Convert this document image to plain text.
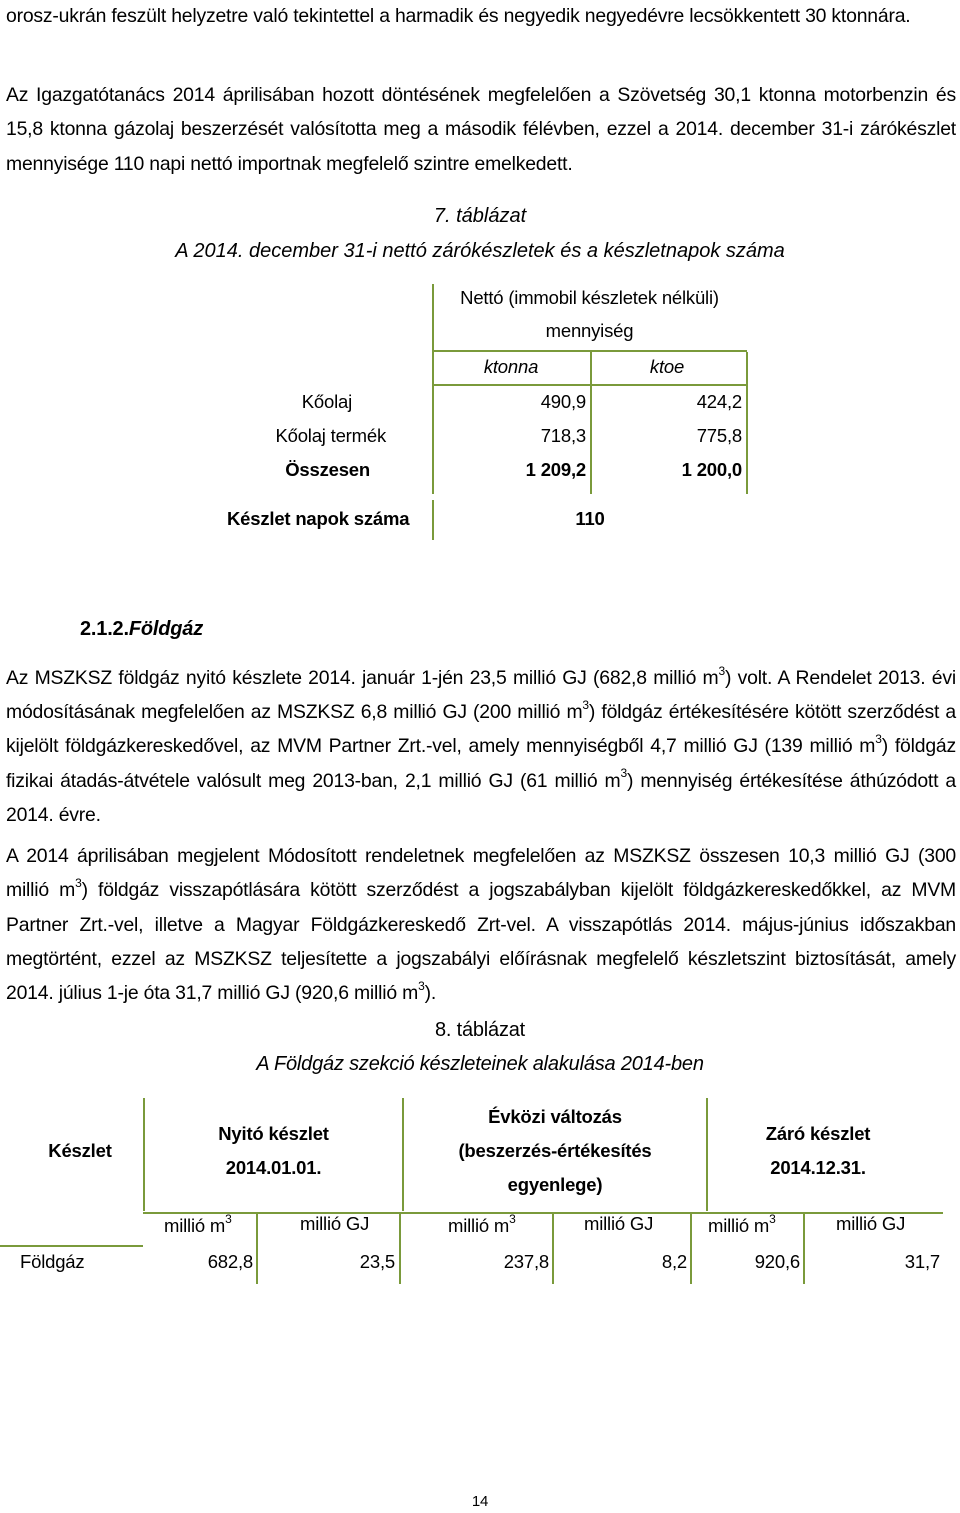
orosz-ukrán feszült helyzetre való tekintettel a harmadik és negyedik negyedévre lecsökkentett 30 ktonnára.

Az Igazgatótanács 2014 áprilisában hozott döntésének megfelelően a Szövetség 30,1 ktonna motorbenzin és 15,8 ktonna gázolaj beszerzését valósította meg a második félévben, ezzel a 2014. december 31-i zárókészlet mennyisége 110 napi nettó importnak megfelelő szintre emelkedett.

7. táblázat
A 2014. december 31-i nettó zárókészletek és a készletnapok száma
Nettó (immobil készletek nélküli)
mennyiség
ktonna	ktoe
Kőolaj	490,9	424,2
Kőolaj termék	718,3	775,8
Összesen	1 209,2	1 200,0
Készlet napok száma	110
2.1.2.Földgáz

Az MSZKSZ földgáz nyitó készlete 2014. január 1-jén 23,5 millió GJ (682,8 millió $m^3$) volt. A Rendelet 2013. évi módosításának megfelelően az MSZKSZ 6,8 millió GJ (200 millió $m^3$) földgáz értékesítésére kötött szerződést a kijelölt földgázkereskedővel, az MVM Partner Zrt.-vel, amely mennyiségből 4,7 millió GJ (139 millió $m^3$) földgáz fizikai átadás-átvétele valósult meg 2013-ban, 2,1 millió GJ (61 millió $m^3$) mennyiség értékesítése áthúzódott a 2014. évre.

A 2014 áprilisában megjelent Módosított rendeletnek megfelelően az MSZKSZ összesen 10,3 millió GJ (300 millió $m^3$) földgáz visszapótlására kötött szerződést a jogszabályban kijelölt földgázkereskedőkkel, az MVM Partner Zrt.-vel, illetve a Magyar Földgázkereskedő Zrt-vel. A visszapótlás 2014. május-június időszakban megtörtént, ezzel az MSZKSZ teljesítette a jogszabályi előírásnak megfelelő készletszint biztosítását, amely 2014. július 1-je óta 31,7 millió GJ (920,6 millió $m^3$).

8. táblázat
A Földgáz szekció készleteinek alakulása 2014-ben
Készlet
Nyitó készlet
2014.01.01.
Évközi változás
(beszerzés-értékesítés
egyenlege)
Záró készlet
2014.12.31.
millió $m^3$	millió GJ	millió $m^3$	millió GJ	millió $m^3$	millió GJ
Földgáz	682,8	23,5	237,8	8,2	920,6	31,7
14
